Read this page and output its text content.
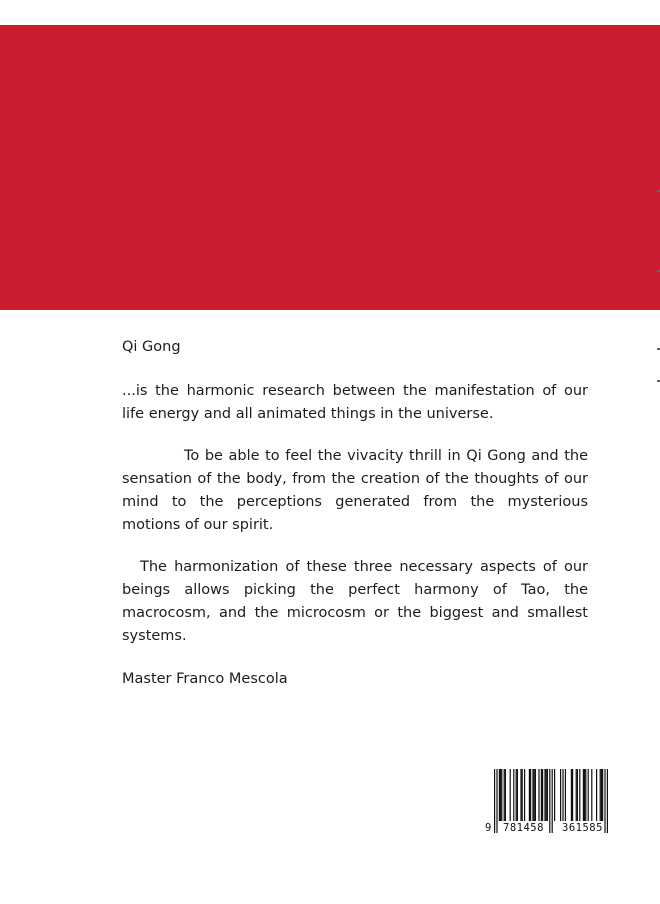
Qi Gong

...is the harmonic research between the manifestation of our life energy and all animated things in the universe.

To be able to feel the vivacity thrill in Qi Gong and the sensation of the body, from the creation of the thoughts of our mind to the perceptions generated from the mysterious motions of our spirit.

The harmonization of these three necessary aspects of our beings allows picking the perfect harmony of Tao, the macrocosm, and the microcosm or the biggest and smallest systems.

Master Franco Mescola

9 781458 361585
